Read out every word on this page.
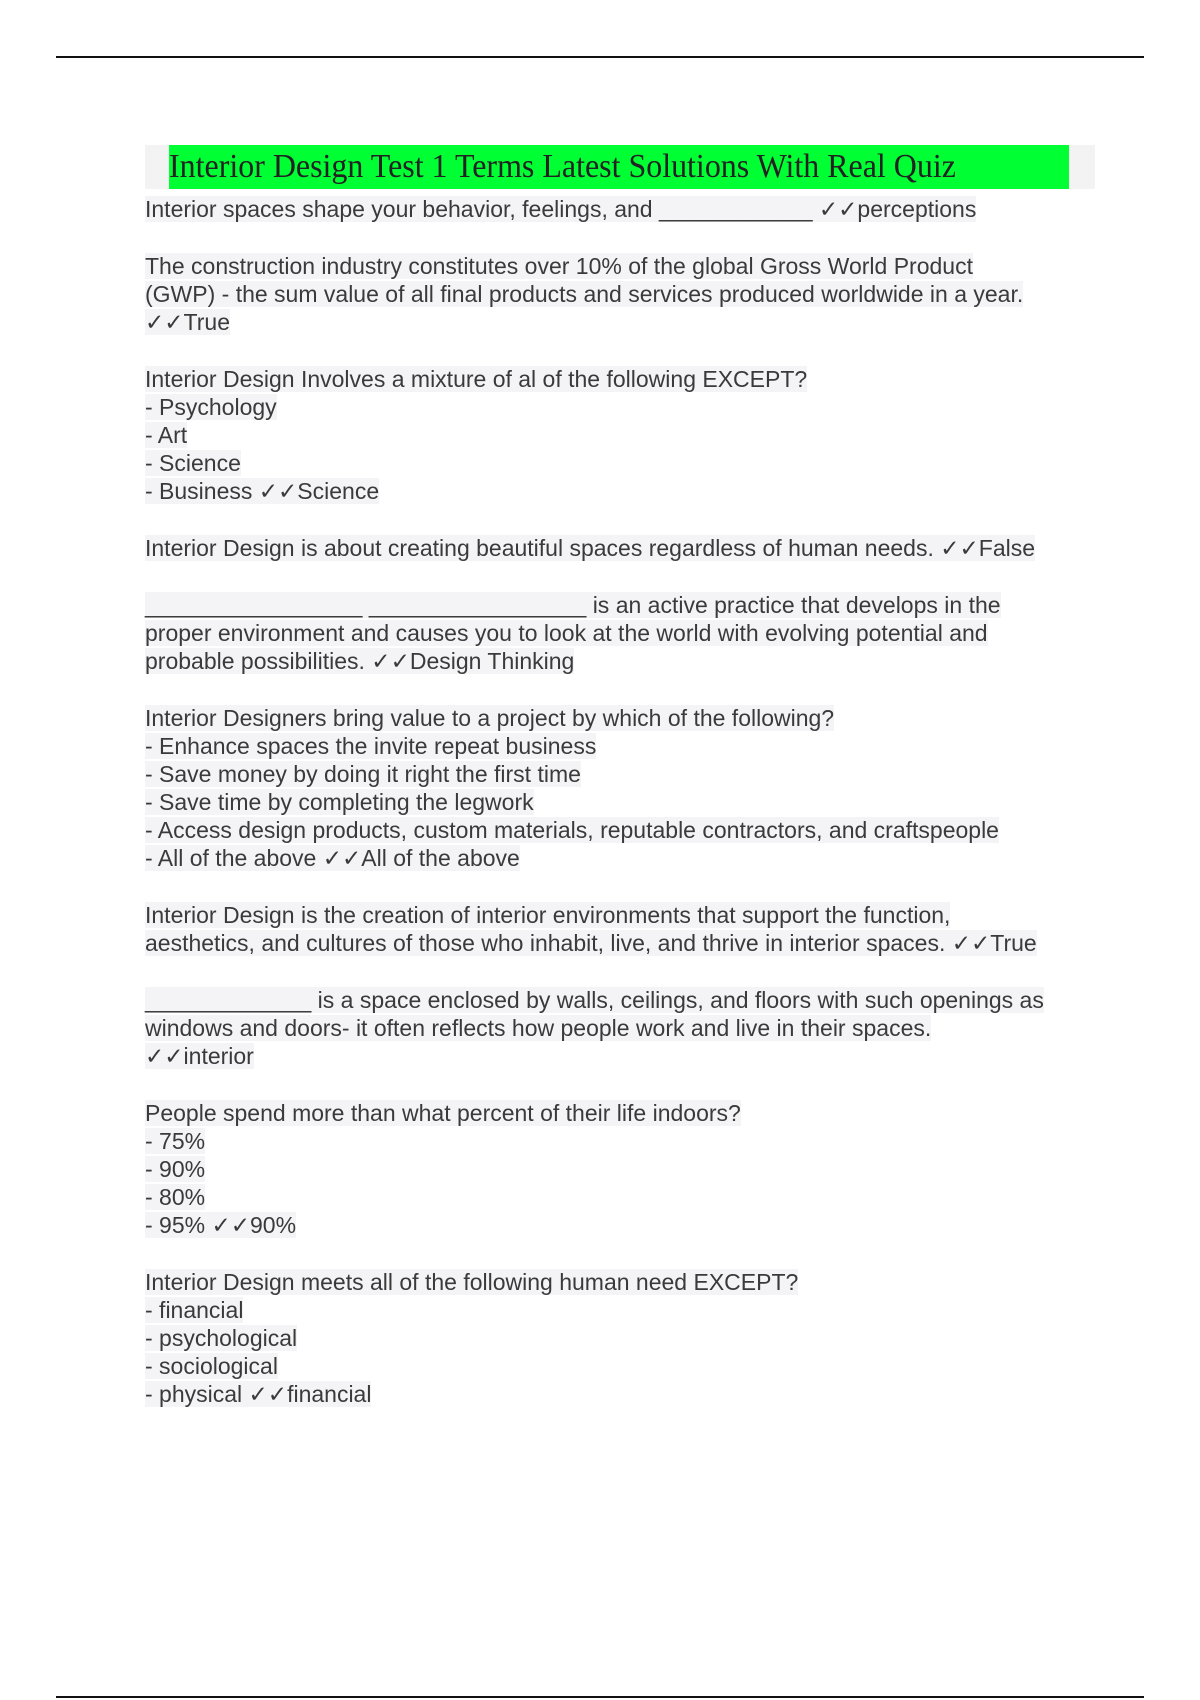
Interior Design Test 1 Terms Latest Solutions With Real Quiz
Interior spaces shape your behavior, feelings, and ____________ ✓✓perceptions
The construction industry constitutes over 10% of the global Gross World Product
(GWP) - the sum value of all final products and services produced worldwide in a year.
✓✓True
Interior Design Involves a mixture of al of the following EXCEPT?
- Psychology
- Art
- Science
- Business ✓✓Science
Interior Design is about creating beautiful spaces regardless of human needs. ✓✓False
_________________ _________________ is an active practice that develops in the
proper environment and causes you to look at the world with evolving potential and
probable possibilities. ✓✓Design Thinking
Interior Designers bring value to a project by which of the following?
- Enhance spaces the invite repeat business
- Save money by doing it right the first time
- Save time by completing the legwork
- Access design products, custom materials, reputable contractors, and craftspeople
- All of the above ✓✓All of the above
Interior Design is the creation of interior environments that support the function,
aesthetics, and cultures of those who inhabit, live, and thrive in interior spaces. ✓✓True
_____________ is a space enclosed by walls, ceilings, and floors with such openings as
windows and doors- it often reflects how people work and live in their spaces.
✓✓interior
People spend more than what percent of their life indoors?
- 75%
- 90%
- 80%
- 95% ✓✓90%
Interior Design meets all of the following human need EXCEPT?
- financial
- psychological
- sociological
- physical ✓✓financial
